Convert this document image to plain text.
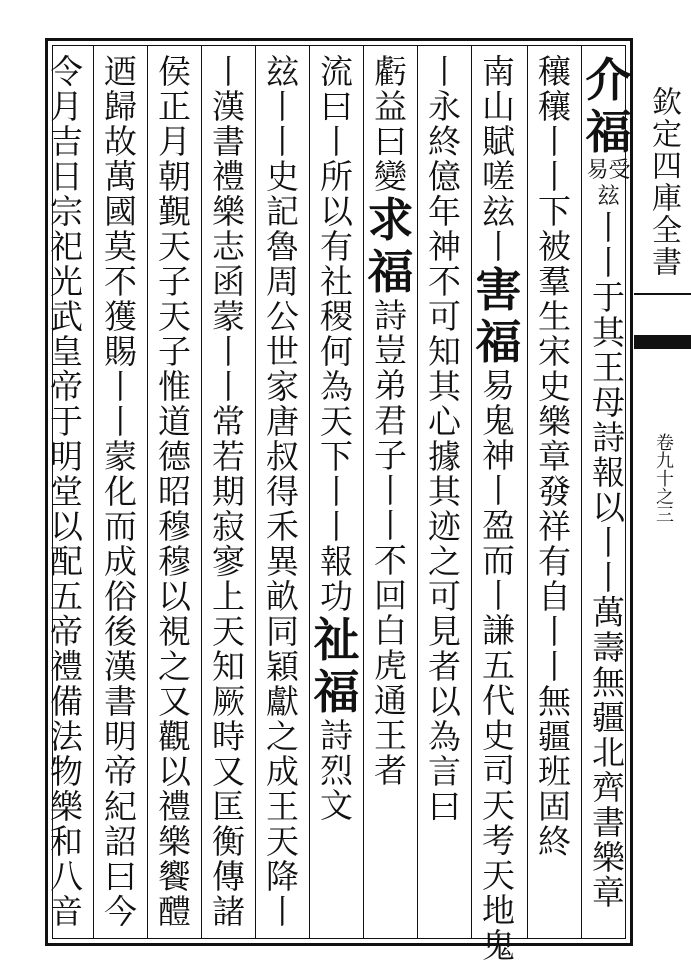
介
福
易受玆
丨
丨
于
其
王
母
詩
報
以
丨
丨
萬
壽
無
疆
北
齊
書
樂
章
穰
穰
丨
丨
下
被
羣
生
宋
史
樂
章
發
祥
有
自
丨
丨
無
疆
班
固
終
南
山
賦
嗟
玆
丨
害
福
易
鬼
神
丨
盈
而
丨
謙
五
代
史
司
天
考
天
地
鬼
丨
永
終
億
年
神
不
可
知
其
心
據
其
迹
之
可
見
者
以
為
言
曰
虧
益
曰
變
求
福
詩
豈
弟
君
子
丨
丨
不
回
白
虎
通
王
者
流
曰
丨
所
以
有
社
稷
何
為
天
下
丨
丨
報
功
祉
福
詩
烈
文
玆
丨
丨
史
記
魯
周
公
世
家
唐
叔
得
禾
異
畝
同
穎
獻
之
成
王
天
降
丨
丨
漢
書
禮
樂
志
函
蒙
丨
丨
常
若
期
寂
寥
上
天
知
厥
時
又
匡
衡
傳
諸
侯
正
月
朝
覲
天
子
天
子
惟
道
德
昭
穆
穆
以
視
之
又
觀
以
禮
樂
饗
醴
迺
歸
故
萬
國
莫
不
獲
賜
丨
丨
蒙
化
而
成
俗
後
漢
書
明
帝
紀
詔
曰
今
令
月
吉
日
宗
祀
光
武
皇
帝
于
明
堂
以
配
五
帝
禮
備
法
物
樂
和
八
音
欽定四庫全書
卷九十之三
